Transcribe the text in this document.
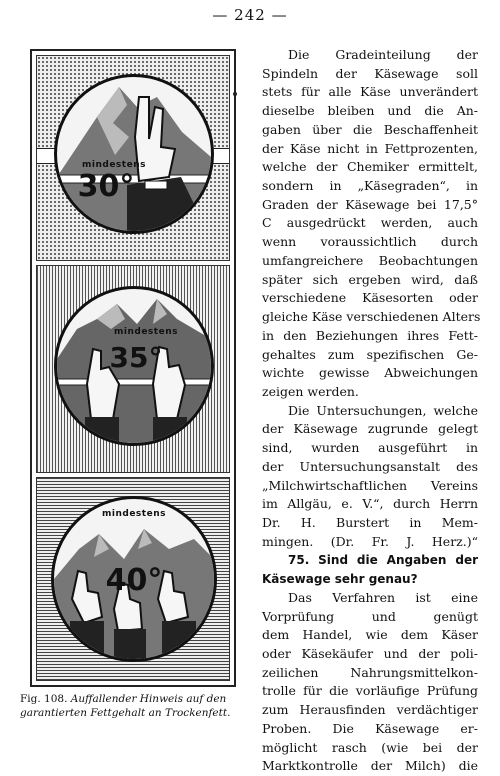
— 242 —
mindestens
30°
mindestens
35°
mindestens
40°
Fig. 108. Auffallender Hinweis auf den garantierten Fettgehalt an Trockenfett.
Die Gradeinteilung der
Spindeln der Käsewage soll
stets für alle Käse unverändert
dieselbe bleiben und die An-
gaben über die Beschaffenheit
der Käse nicht in Fettprozenten,
welche der Chemiker ermittelt,
sondern in „Käsegraden“, in
Graden der Käsewage bei 17,5°
C ausgedrückt werden, auch
wenn voraussichtlich durch
umfangreichere Beobachtungen
später sich ergeben wird, daß
verschiedene Käsesorten oder
gleiche Käse verschiedenen Alters
in den Beziehungen ihres Fett-
gehaltes zum spezifischen Ge-
wichte gewisse Abweichungen
zeigen werden.
Die Untersuchungen, welche
der Käsewage zugrunde gelegt
sind, wurden ausgeführt in
der Untersuchungsanstalt des
„Milchwirtschaftlichen Vereins
im Allgäu, e. V.“, durch Herrn
Dr. H. Burstert in Mem-
mingen. (Dr. Fr. J. Herz.)“
75. Sind die Angaben der
Käsewage sehr genau?
Das Verfahren ist eine
Vorprüfung und genügt
dem Handel, wie dem Käser
oder Käsekäufer und der poli-
zeilichen Nahrungsmittelkon-
trolle für die vorläufige Prüfung
zum Herausfinden verdächtiger
Proben. Die Käsewage er-
möglicht rasch (wie bei der
Marktkontrolle der Milch) die
